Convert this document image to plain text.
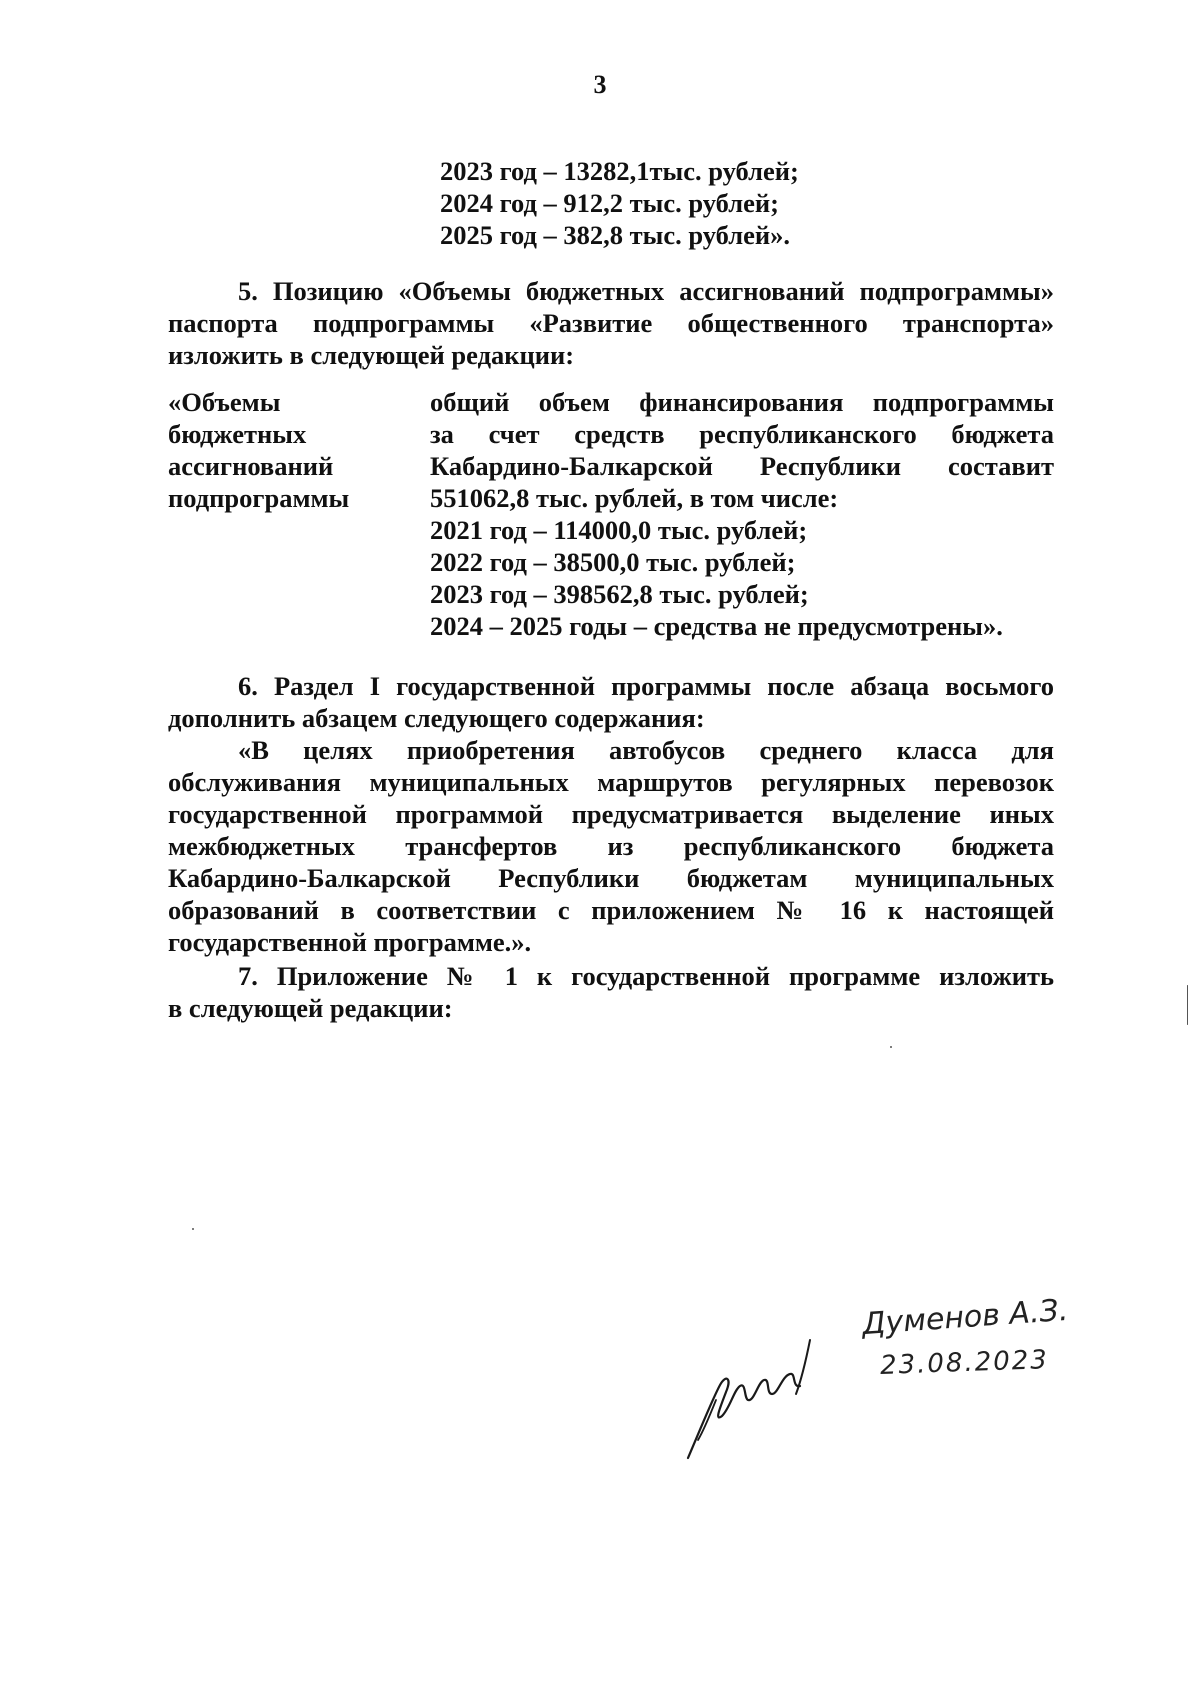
3
2023 год – 13282,1тыс. рублей;
2024 год – 912,2 тыс. рублей;
2025 год – 382,8 тыс. рублей».
5. Позицию «Объемы бюджетных ассигнований подпрограммы»
паспорта подпрограммы «Развитие общественного транспорта»
изложить в следующей редакции:
«Объемы
бюджетных
ассигнований
подпрограммы
общий объем финансирования подпрограммы
за счет средств республиканского бюджета
Кабардино-Балкарской Республики составит
551062,8 тыс. рублей, в том числе:
2021 год – 114000,0 тыс. рублей;
2022 год – 38500,0 тыс. рублей;
2023 год – 398562,8 тыс. рублей;
2024 – 2025 годы – средства не предусмотрены».
6. Раздел I государственной программы после абзаца восьмого
дополнить абзацем следующего содержания:
«В целях приобретения автобусов среднего класса для
обслуживания муниципальных маршрутов регулярных перевозок
государственной программой предусматривается выделение иных
межбюджетных трансфертов из республиканского бюджета
Кабардино-Балкарской Республики бюджетам муниципальных
образований в соответствии с приложением № 16 к настоящей
государственной программе.».
7. Приложение № 1 к государственной программе изложить
в следующей редакции:
Думенов А.З.
23.08.2023
